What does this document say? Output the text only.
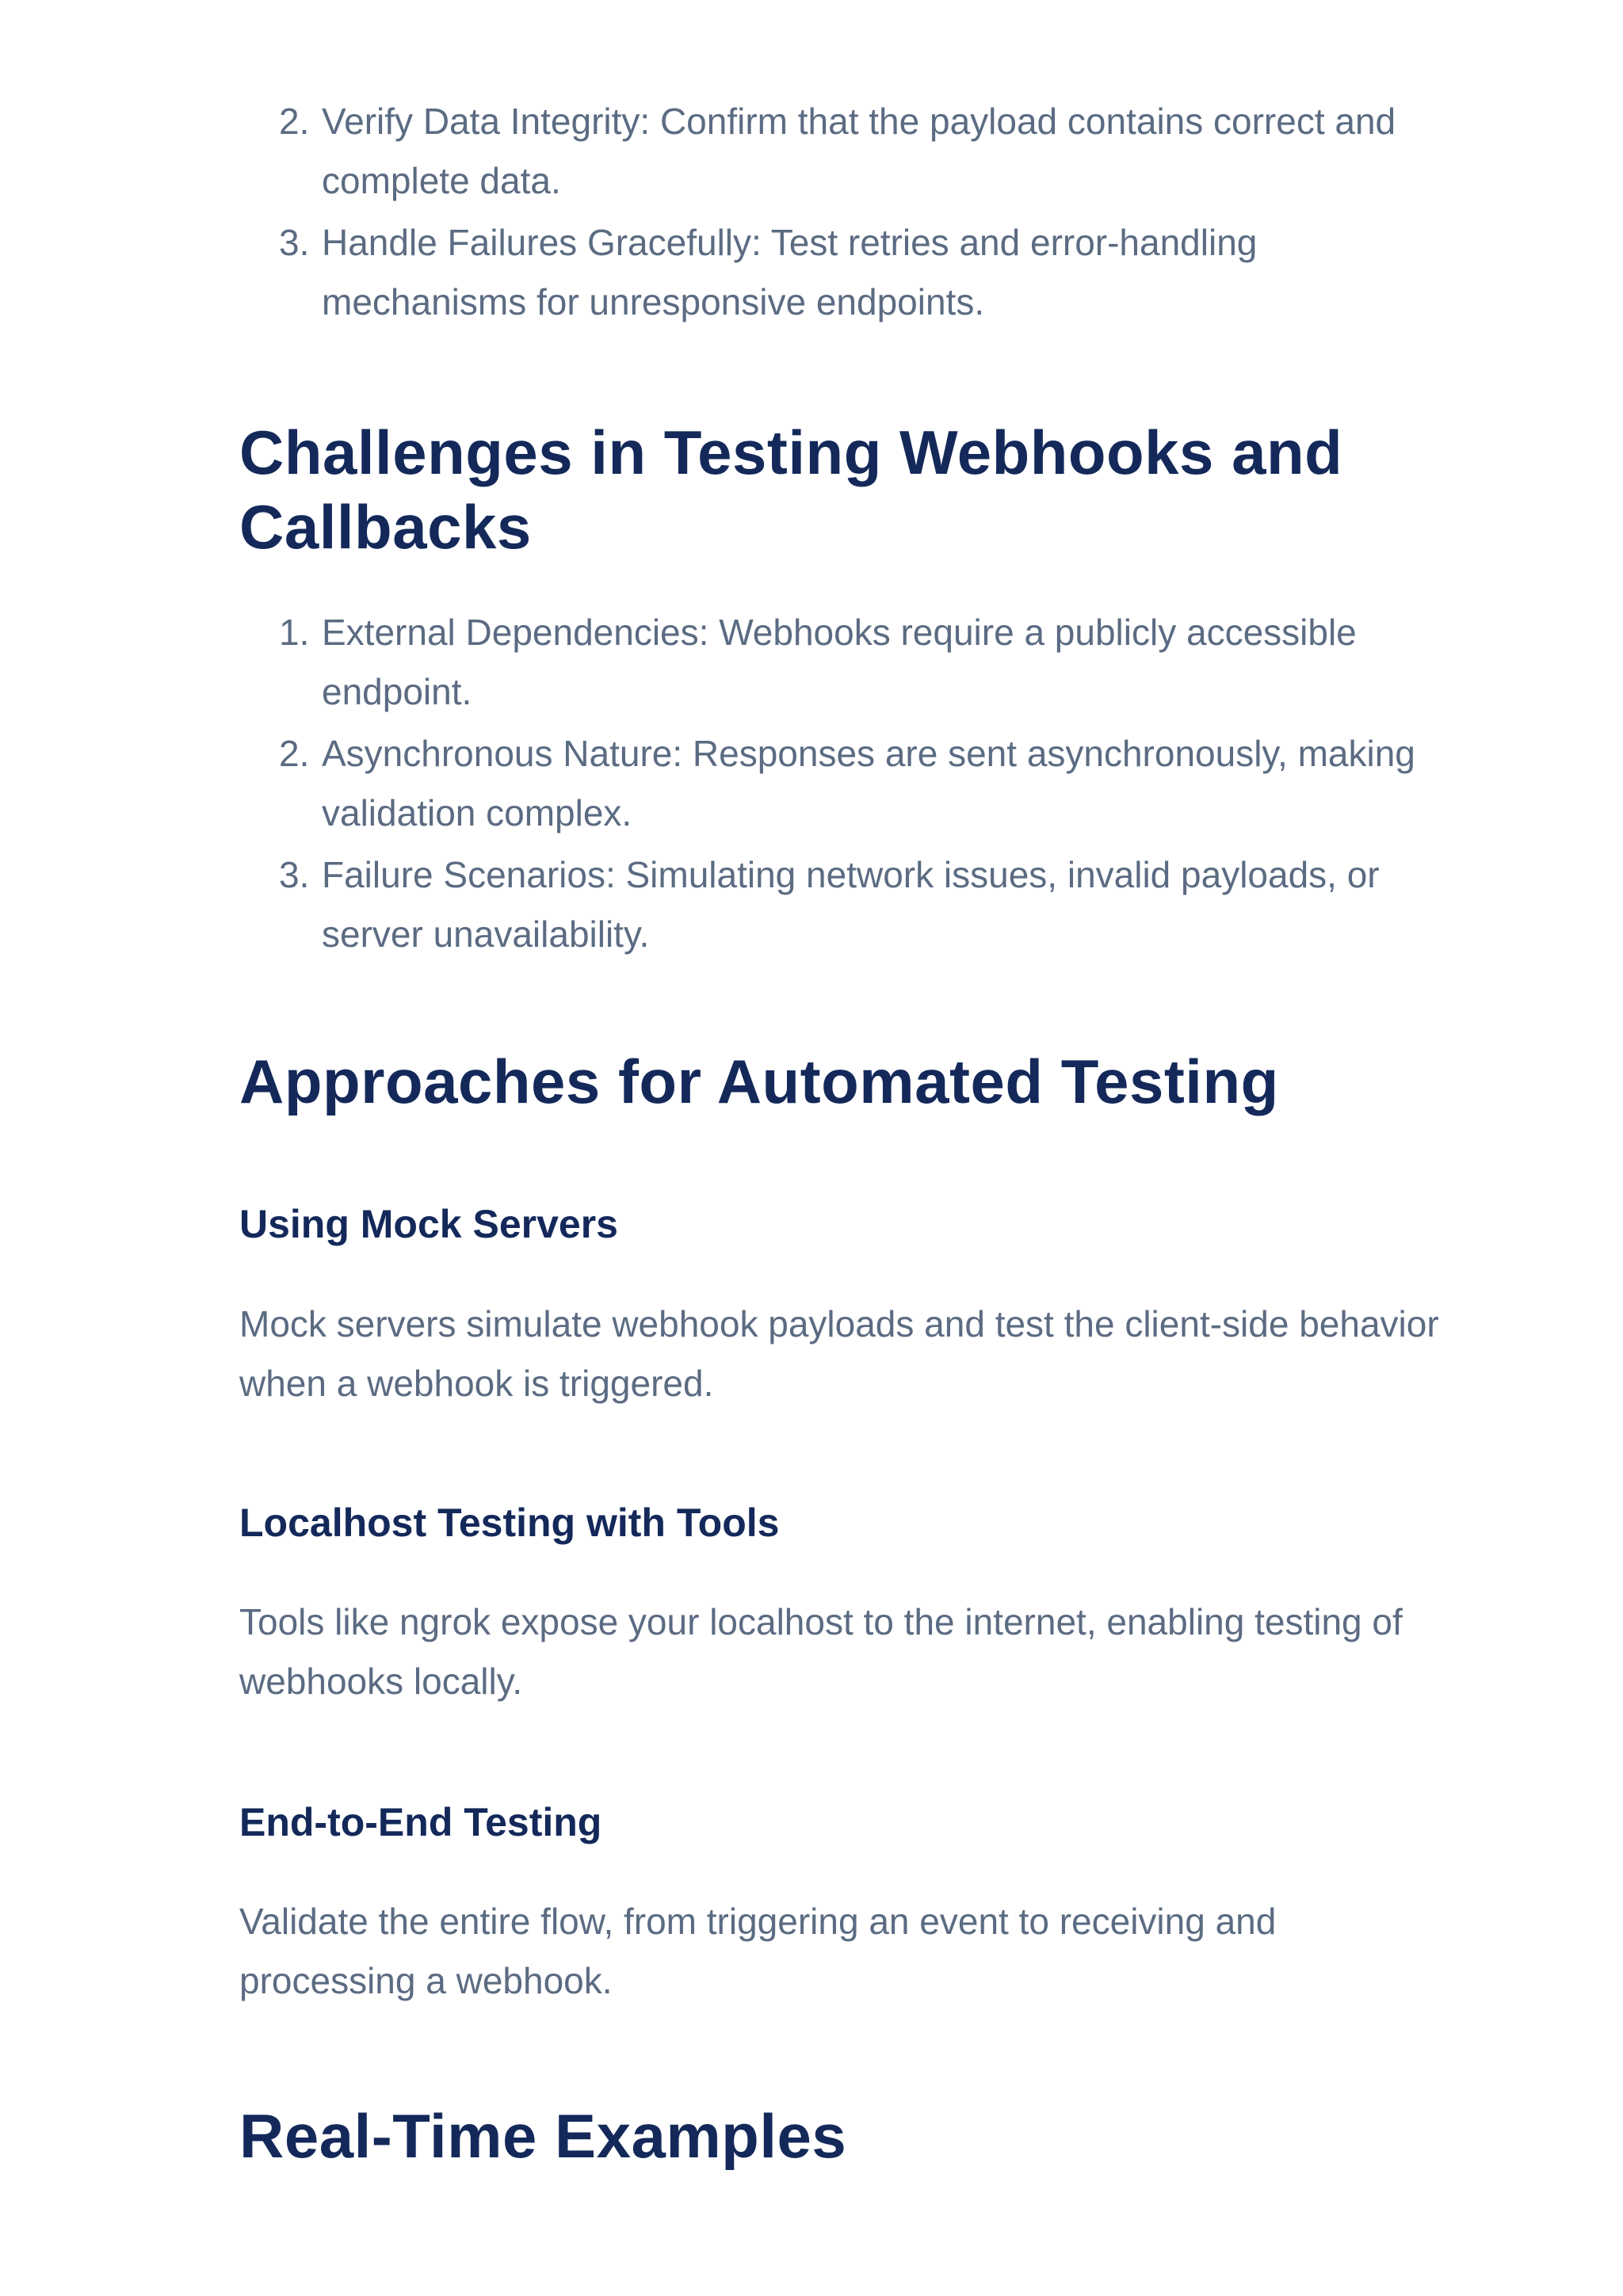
2. Verify Data Integrity: Confirm that the payload contains correct and complete data.
3. Handle Failures Gracefully: Test retries and error-handling mechanisms for unresponsive endpoints.
Challenges in Testing Webhooks and Callbacks
1. External Dependencies: Webhooks require a publicly accessible endpoint.
2. Asynchronous Nature: Responses are sent asynchronously, making validation complex.
3. Failure Scenarios: Simulating network issues, invalid payloads, or server unavailability.
Approaches for Automated Testing
Using Mock Servers

Mock servers simulate webhook payloads and test the client-side behavior when a webhook is triggered.

Localhost Testing with Tools

Tools like ngrok expose your localhost to the internet, enabling testing of webhooks locally.

End-to-End Testing

Validate the entire flow, from triggering an event to receiving and processing a webhook.

Real-Time Examples
